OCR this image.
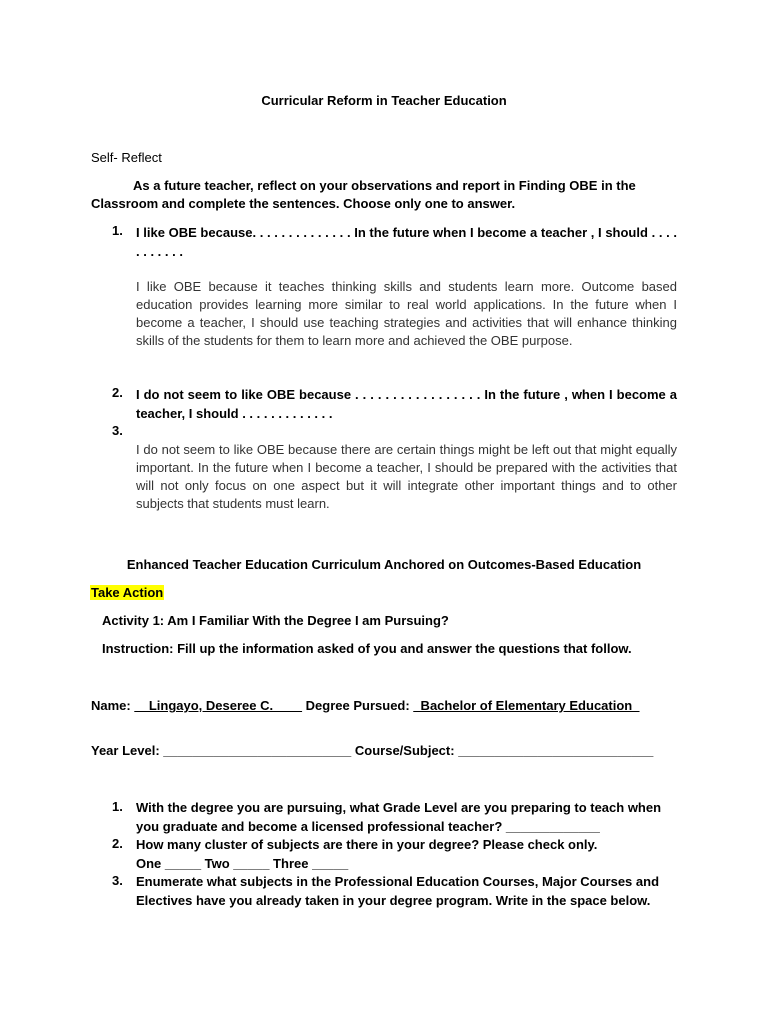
Curricular Reform in Teacher Education
Self- Reflect
As a future teacher, reflect on your observations and report in Finding OBE in the Classroom and complete the sentences. Choose only one to answer.
1. I like OBE because. . . . . . . . . . . . . . In the future when I become a teacher , I should . . . . . . . . . . .
I like OBE because it teaches thinking skills and students learn more. Outcome based education provides learning more similar to real world applications. In the future when I become a teacher, I should use teaching strategies and activities that will enhance thinking skills of the students for them to learn more and achieved the OBE purpose.
2. I do not seem to like OBE because . . . . . . . . . . . . . . . . . In the future , when I become a teacher, I should . . . . . . . . . . . . .
3.
I do not seem to like OBE because there are certain things might be left out that might equally important. In the future when I become a teacher, I should be prepared with the activities that will not only focus on one aspect but it will integrate other important things and to other subjects that students must learn.
Enhanced Teacher Education Curriculum Anchored on Outcomes-Based Education
Take Action
Activity 1: Am I Familiar With the Degree I am Pursuing?
Instruction: Fill up the information asked of you and answer the questions that follow.
Name: __Lingayo, Deseree C.____ Degree Pursued: _Bachelor of Elementary Education_
Year Level: __________________________ Course/Subject: ___________________________
1. With the degree you are pursuing, what Grade Level are you preparing to teach when you graduate and become a licensed professional teacher? _____________
2. How many cluster of subjects are there in your degree? Please check only.
One _____ Two _____ Three _____
3. Enumerate what subjects in the Professional Education Courses, Major Courses and Electives have you already taken in your degree program. Write in the space below.
